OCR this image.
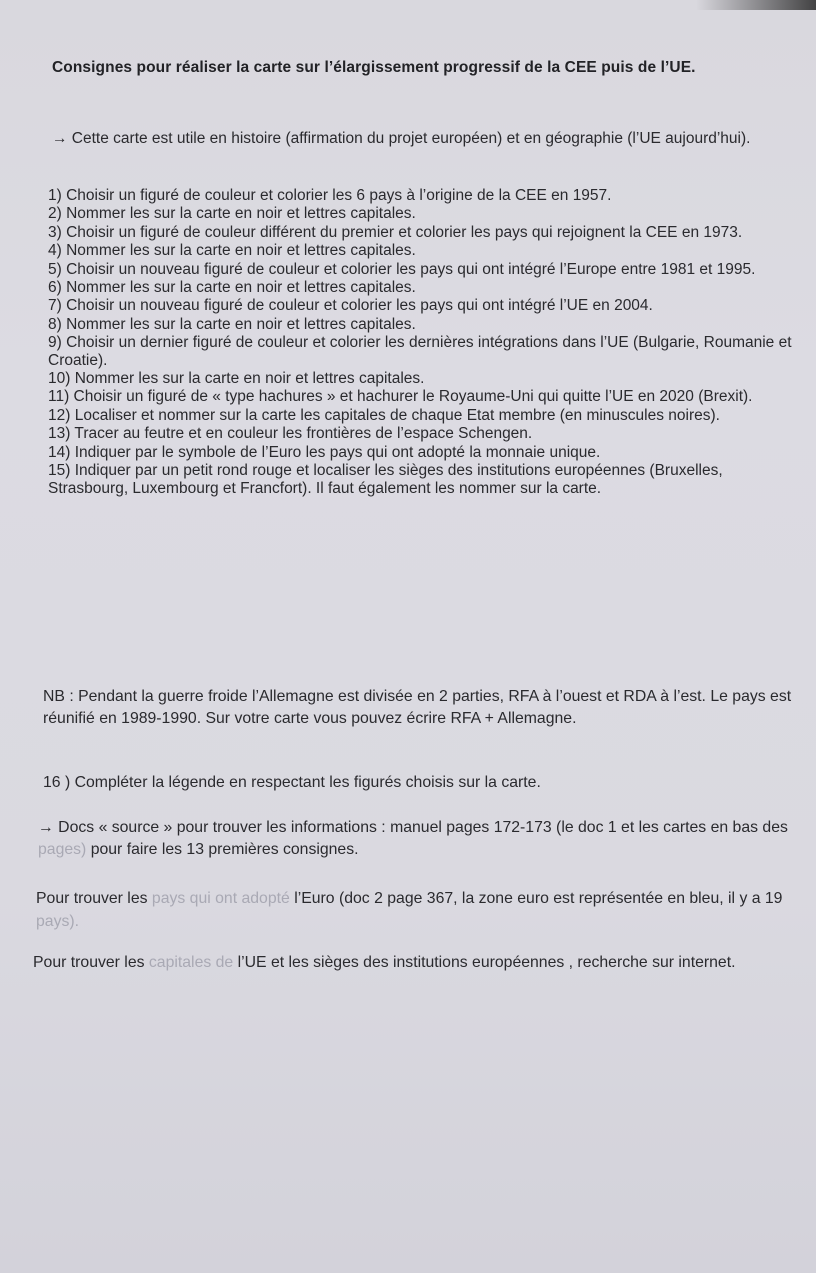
Consignes pour réaliser la carte sur l’élargissement progressif de la CEE puis de l’UE.
→ Cette carte est utile en histoire (affirmation du projet européen) et en géographie (l’UE aujourd’hui).

1) Choisir un figuré de couleur et colorier les 6 pays à l’origine de la CEE en 1957.

2) Nommer les sur la carte en noir et lettres capitales.

3) Choisir un figuré de couleur différent du premier et colorier les pays qui rejoignent la CEE en 1973.

4) Nommer les sur la carte en noir et lettres capitales.

5) Choisir un nouveau figuré de couleur et colorier les pays qui ont intégré l’Europe entre 1981 et 1995.

6) Nommer les sur la carte en noir et lettres capitales.

7) Choisir un nouveau figuré de couleur et colorier les pays qui ont intégré l’UE en 2004.

8) Nommer les sur la carte en noir et lettres capitales.

9) Choisir un dernier figuré de couleur et colorier les dernières intégrations dans l’UE (Bulgarie, Roumanie et Croatie).

10) Nommer les sur la carte en noir et lettres capitales.

11) Choisir un figuré de « type hachures » et hachurer le Royaume-Uni qui quitte l’UE en 2020 (Brexit).

12) Localiser et nommer sur la carte les capitales de chaque Etat membre (en minuscules noires).

13) Tracer au feutre et en couleur les frontières de l’espace Schengen.

14) Indiquer par le symbole de l’Euro les pays qui ont adopté la monnaie unique.

15) Indiquer par un petit rond rouge et localiser les sièges des institutions européennes (Bruxelles, Strasbourg, Luxembourg et Francfort). Il faut également les nommer sur la carte.

NB : Pendant la guerre froide l’Allemagne est divisée en 2 parties, RFA à l’ouest et RDA à l’est. Le pays est réunifié en 1989-1990. Sur votre carte vous pouvez écrire RFA + Allemagne.
16 ) Compléter la légende en respectant les figurés choisis sur la carte.
→ Docs « source » pour trouver les informations : manuel pages 172-173 (le doc 1 et les cartes en bas des pages) pour faire les 13 premières consignes.
Pour trouver les pays qui ont adopté l’Euro (doc 2 page 367, la zone euro est représentée en bleu, il y a 19 pays).
Pour trouver les capitales de l’UE et les sièges des institutions européennes , recherche sur internet.
